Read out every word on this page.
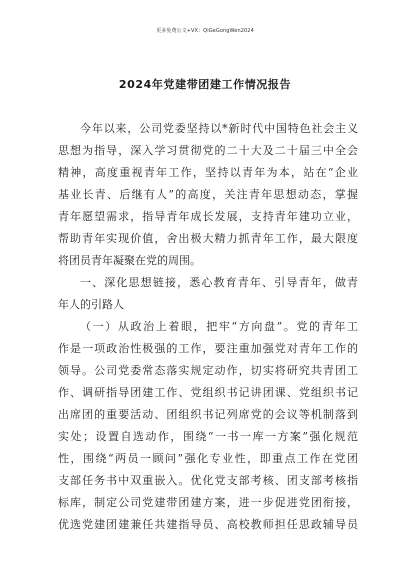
更多免费公文+VX：QiGeGongWen2024
2024年党建带团建工作情况报告
今年以来，公司党委坚持以*新时代中国特色社会主义
思想为指导，深入学习贯彻党的二十大及二十届三中全会
精神，高度重视青年工作，坚持以青年为本，站在“企业
基业长青、后继有人”的高度，关注青年思想动态，掌握
青年愿望需求，指导青年成长发展，支持青年建功立业，
帮助青年实现价值，舍出极大精力抓青年工作，最大限度
将团员青年凝聚在党的周围。
一、深化思想链接，悉心教育青年、引导青年，做青
年人的引路人
（一）从政治上着眼，把牢“方向盘”。党的青年工
作是一项政治性极强的工作，要注重加强党对青年工作的
领导。公司党委常态落实规定动作，切实将研究共青团工
作、调研指导团建工作、党组织书记讲团课、党组织书记
出席团的重要活动、团组织书记列席党的会议等机制落到
实处；设置自选动作，围绕“一书一库一方案”强化规范
性，围绕“两员一顾问”强化专业性，即重点工作在党团
支部任务书中双重嵌入。优化党支部考核、团支部考核指
标库，制定公司党建带团建方案，进一步促进党团衔接，
优选党建团建兼任共建指导员、高校教师担任思政辅导员
